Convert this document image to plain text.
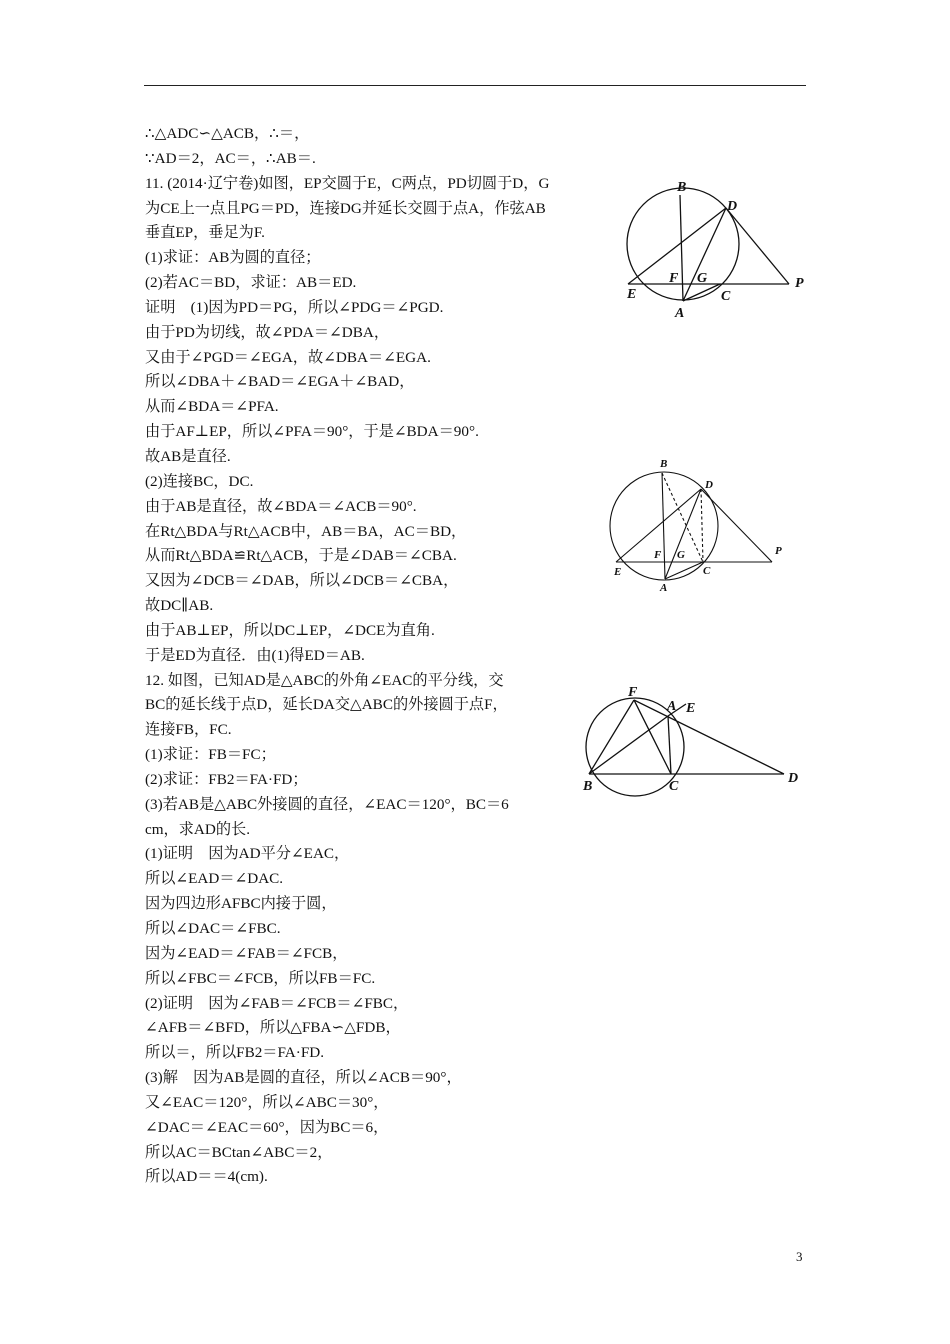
∴△ADC∽△ACB，∴＝，
∵AD＝2，AC＝，∴AB＝.
11. (2014·辽宁卷)如图，EP交圆于E，C两点，PD切圆于D，G
为CE上一点且PG＝PD，连接DG并延长交圆于点A，作弦AB
垂直EP，垂足为F.
(1)求证：AB为圆的直径；
(2)若AC＝BD，求证：AB＝ED.
证明　(1)因为PD＝PG，所以∠PDG＝∠PGD.
由于PD为切线，故∠PDA＝∠DBA，
又由于∠PGD＝∠EGA，故∠DBA＝∠EGA.
所以∠DBA＋∠BAD＝∠EGA＋∠BAD，
从而∠BDA＝∠PFA.
由于AF⊥EP，所以∠PFA＝90°，于是∠BDA＝90°.
故AB是直径.
(2)连接BC，DC.
由于AB是直径，故∠BDA＝∠ACB＝90°.
在Rt△BDA与Rt△ACB中，AB＝BA，AC＝BD，
从而Rt△BDA≌Rt△ACB，于是∠DAB＝∠CBA.
又因为∠DCB＝∠DAB，所以∠DCB＝∠CBA，
故DC∥AB.
由于AB⊥EP，所以DC⊥EP，∠DCE为直角.
于是ED为直径．由(1)得ED＝AB.
12. 如图，已知AD是△ABC的外角∠EAC的平分线，交
BC的延长线于点D，延长DA交△ABC的外接圆于点F，
连接FB，FC.
(1)求证：FB＝FC；
(2)求证：FB2＝FA·FD；
(3)若AB是△ABC外接圆的直径，∠EAC＝120°，BC＝6
cm，求AD的长.
(1)证明　因为AD平分∠EAC，
所以∠EAD＝∠DAC.
因为四边形AFBC内接于圆，
所以∠DAC＝∠FBC.
因为∠EAD＝∠FAB＝∠FCB，
所以∠FBC＝∠FCB，所以FB＝FC.
(2)证明　因为∠FAB＝∠FCB＝∠FBC，
∠AFB＝∠BFD，所以△FBA∽△FDB，
所以＝，所以FB2＝FA·FD.
(3)解　因为AB是圆的直径，所以∠ACB＝90°，
又∠EAC＝120°，所以∠ABC＝30°，
∠DAC＝∠EAC＝60°，因为BC＝6，
所以AC＝BCtan∠ABC＝2，
所以AD＝＝4(cm).
B
D
F G
E	C
A
P
B
D
F G
E	C
A
P
F
A E
B	C
D
3
